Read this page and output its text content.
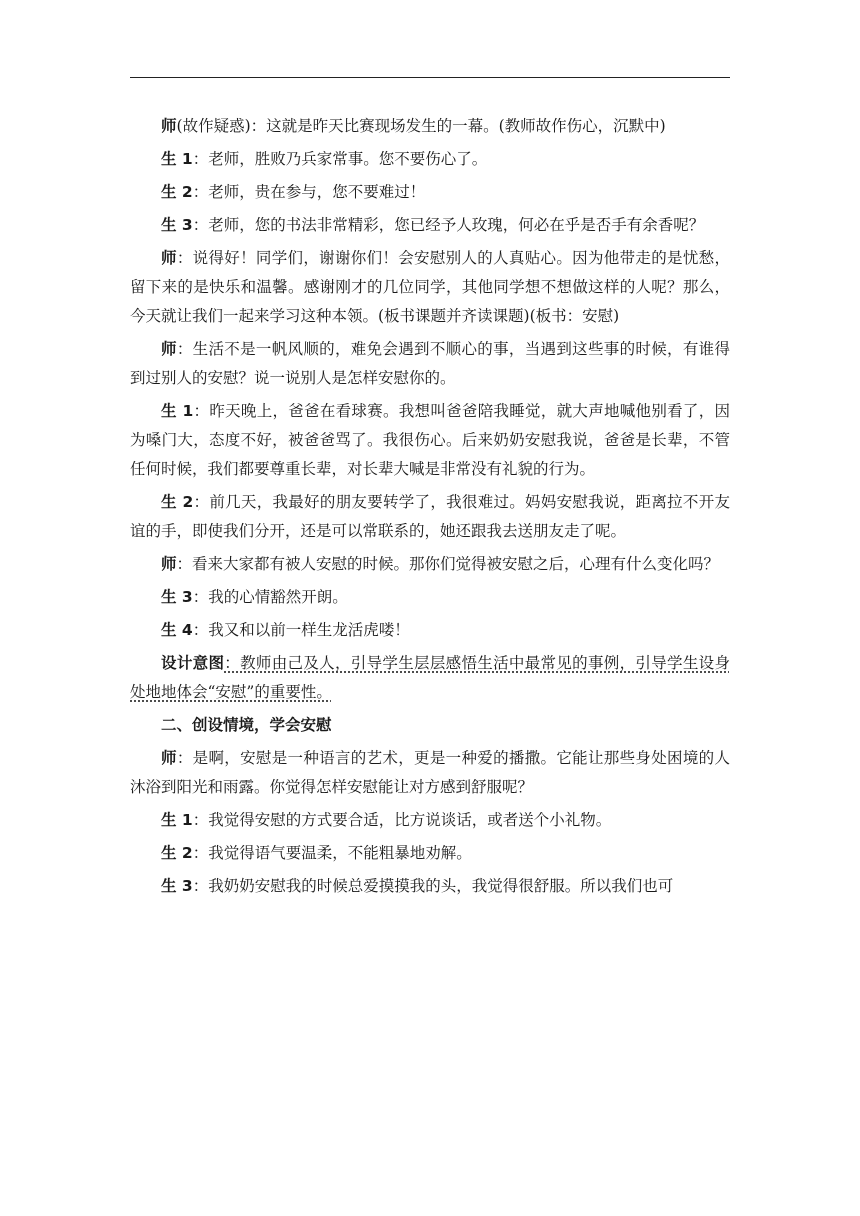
师(故作疑惑)：这就是昨天比赛现场发生的一幕。(教师故作伤心，沉默中)

生 1：老师，胜败乃兵家常事。您不要伤心了。

生 2：老师，贵在参与，您不要难过！

生 3：老师，您的书法非常精彩，您已经予人玫瑰，何必在乎是否手有余香呢？

师：说得好！同学们，谢谢你们！会安慰别人的人真贴心。因为他带走的是忧愁，留下来的是快乐和温馨。感谢刚才的几位同学，其他同学想不想做这样的人呢？那么，今天就让我们一起来学习这种本领。(板书课题并齐读课题)(板书：安慰)

师：生活不是一帆风顺的，难免会遇到不顺心的事，当遇到这些事的时候，有谁得到过别人的安慰？说一说别人是怎样安慰你的。

生 1：昨天晚上，爸爸在看球赛。我想叫爸爸陪我睡觉，就大声地喊他别看了，因为嗓门大，态度不好，被爸爸骂了。我很伤心。后来奶奶安慰我说，爸爸是长辈，不管任何时候，我们都要尊重长辈，对长辈大喊是非常没有礼貌的行为。

生 2：前几天，我最好的朋友要转学了，我很难过。妈妈安慰我说，距离拉不开友谊的手，即使我们分开，还是可以常联系的，她还跟我去送朋友走了呢。

师：看来大家都有被人安慰的时候。那你们觉得被安慰之后，心理有什么变化吗？

生 3：我的心情豁然开朗。

生 4：我又和以前一样生龙活虎喽！

设计意图：教师由己及人，引导学生层层感悟生活中最常见的事例，引导学生设身处地地体会“安慰”的重要性。

二、创设情境，学会安慰

师：是啊，安慰是一种语言的艺术，更是一种爱的播撒。它能让那些身处困境的人沐浴到阳光和雨露。你觉得怎样安慰能让对方感到舒服呢？

生 1：我觉得安慰的方式要合适，比方说谈话，或者送个小礼物。

生 2：我觉得语气要温柔，不能粗暴地劝解。

生 3：我奶奶安慰我的时候总爱摸摸我的头，我觉得很舒服。所以我们也可
